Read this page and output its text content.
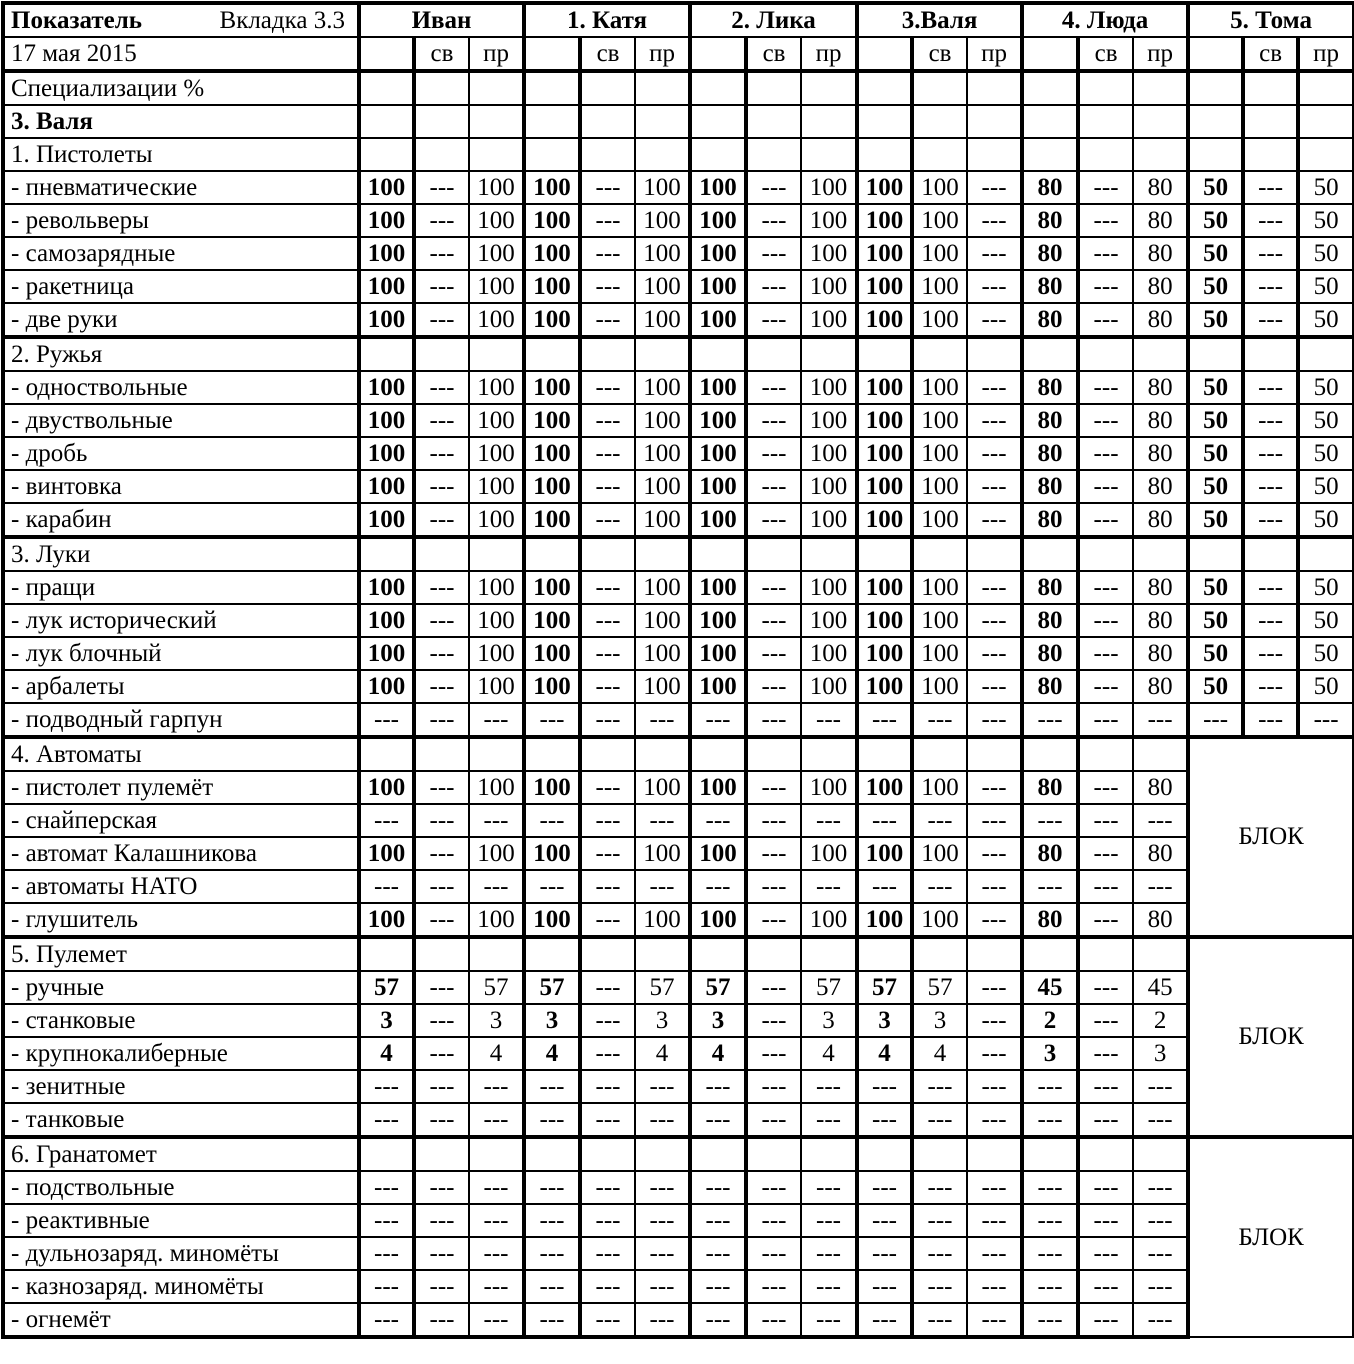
Показатель Вкладка 3.3	Иван			1. Катя			2. Лика			3.Валя			4. Люда			5. Тома		
17 мая 2015		св	пр		св	пр		св	пр		св	пр		св	пр		св	пр
Специализации %																		
3. Валя																		
1. Пистолеты																		
- пневматические	100	---	100	100	---	100	100	---	100	100	100	---	80	---	80	50	---	50
- револьверы	100	---	100	100	---	100	100	---	100	100	100	---	80	---	80	50	---	50
- самозарядные	100	---	100	100	---	100	100	---	100	100	100	---	80	---	80	50	---	50
- ракетница	100	---	100	100	---	100	100	---	100	100	100	---	80	---	80	50	---	50
- две руки	100	---	100	100	---	100	100	---	100	100	100	---	80	---	80	50	---	50
2. Ружья																		
- одноствольные	100	---	100	100	---	100	100	---	100	100	100	---	80	---	80	50	---	50
- двуствольные	100	---	100	100	---	100	100	---	100	100	100	---	80	---	80	50	---	50
- дробь	100	---	100	100	---	100	100	---	100	100	100	---	80	---	80	50	---	50
- винтовка	100	---	100	100	---	100	100	---	100	100	100	---	80	---	80	50	---	50
- карабин	100	---	100	100	---	100	100	---	100	100	100	---	80	---	80	50	---	50
3. Луки																		
- пращи	100	---	100	100	---	100	100	---	100	100	100	---	80	---	80	50	---	50
- лук исторический	100	---	100	100	---	100	100	---	100	100	100	---	80	---	80	50	---	50
- лук блочный	100	---	100	100	---	100	100	---	100	100	100	---	80	---	80	50	---	50
- арбалеты	100	---	100	100	---	100	100	---	100	100	100	---	80	---	80	50	---	50
- подводный гарпун	---	---	---	---	---	---	---	---	---	---	---	---	---	---	---	---	---	---
4. Автоматы																БЛОК		
- пистолет пулемёт	100	---	100	100	---	100	100	---	100	100	100	---	80	---	80			
- снайперская	---	---	---	---	---	---	---	---	---	---	---	---	---	---	---			
- автомат Калашникова	100	---	100	100	---	100	100	---	100	100	100	---	80	---	80			
- автоматы НАТО	---	---	---	---	---	---	---	---	---	---	---	---	---	---	---			
- глушитель	100	---	100	100	---	100	100	---	100	100	100	---	80	---	80			
5. Пулемет																БЛОК		
- ручные	57	---	57	57	---	57	57	---	57	57	57	---	45	---	45			
- станковые	3	---	3	3	---	3	3	---	3	3	3	---	2	---	2			
- крупнокалиберные	4	---	4	4	---	4	4	---	4	4	4	---	3	---	3			
- зенитные	---	---	---	---	---	---	---	---	---	---	---	---	---	---	---			
- танковые	---	---	---	---	---	---	---	---	---	---	---	---	---	---	---			
6. Гранатомет																БЛОК		
- подствольные	---	---	---	---	---	---	---	---	---	---	---	---	---	---	---			
- реактивные	---	---	---	---	---	---	---	---	---	---	---	---	---	---	---			
- дульнозаряд. миномёты	---	---	---	---	---	---	---	---	---	---	---	---	---	---	---			
- казнозаряд. миномёты	---	---	---	---	---	---	---	---	---	---	---	---	---	---	---			
- огнемёт	---	---	---	---	---	---	---	---	---	---	---	---	---	---	---			
